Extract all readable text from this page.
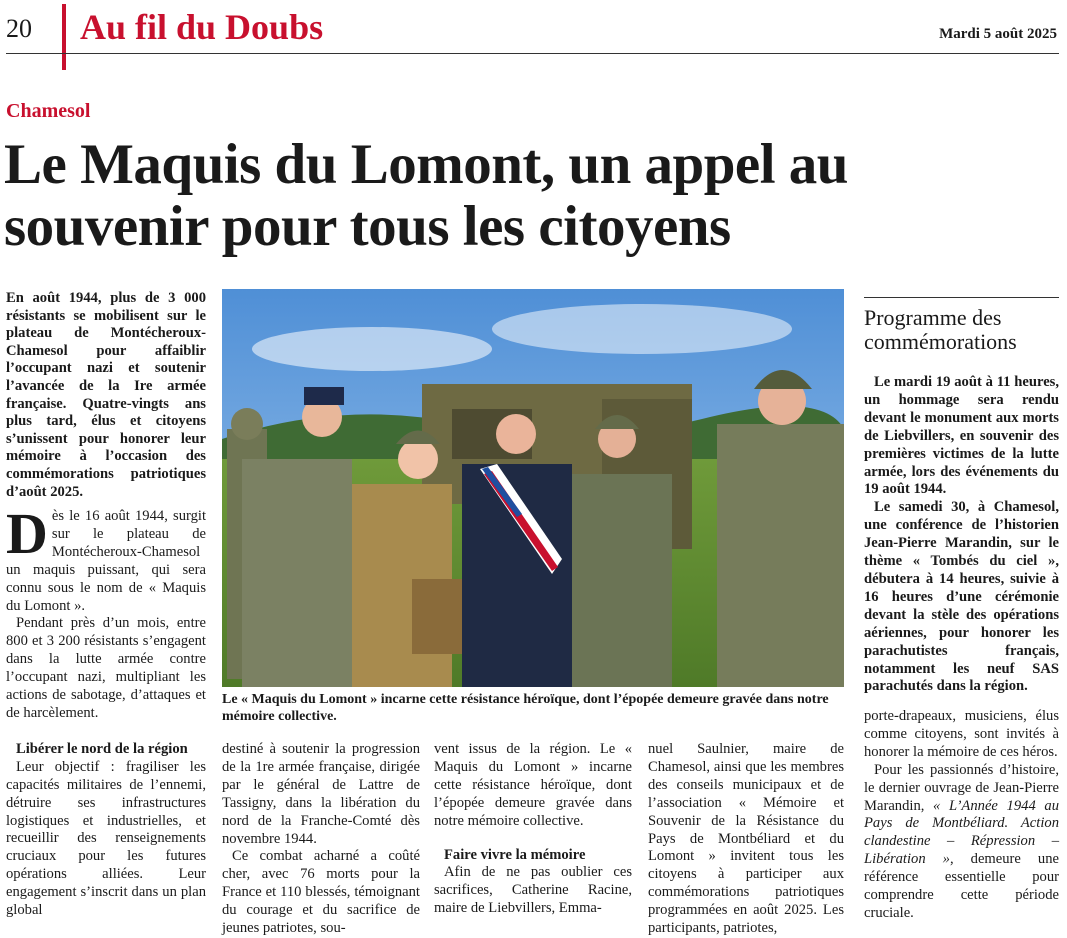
20 Au fil du Doubs	Mardi 5 août 2025
Chamesol
Le Maquis du Lomont, un appel au souvenir pour tous les citoyens
En août 1944, plus de 3 000 résistants se mobilisent sur le plateau de Montécheroux-Chamesol pour affaiblir l’occupant nazi et soutenir l’avancée de la Ire armée française. Quatre-vingts ans plus tard, élus et citoyens s’unissent pour honorer leur mémoire à l’occasion des commémorations patriotiques d’août 2025.
D ès le 16 août 1944, surgit sur le plateau de Montécheroux-Chamesol un maquis puissant, qui sera connu sous le nom de « Maquis du Lomont ».

Pendant près d’un mois, entre 800 et 3 200 résistants s’engagent dans la lutte armée contre l’occupant nazi, multipliant les actions de sabotage, d’attaques et de harcèlement.

Libérer le nord de la région

Leur objectif : fragiliser les capacités militaires de l’ennemi, détruire ses infrastructures logistiques et industrielles, et recueillir des renseignements cruciaux pour les futures opérations alliées. Leur engagement s’inscrit dans un plan global

Le « Maquis du Lomont » incarne cette résistance héroïque, dont l’épopée demeure gravée dans notre mémoire collective.
destiné à soutenir la progression de la 1re armée française, dirigée par le général de Lattre de Tassigny, dans la libération du nord de la Franche-Comté dès novembre 1944.

Ce combat acharné a coûté cher, avec 76 morts pour la France et 110 blessés, témoignant du courage et du sacrifice de jeunes patriotes, sou-

vent issus de la région. Le « Maquis du Lomont » incarne cette résistance héroïque, dont l’épopée demeure gravée dans notre mémoire collective.
Faire vivre la mémoire

Afin de ne pas oublier ces sacrifices, Catherine Racine, maire de Liebvillers, Emma-

nuel Saulnier, maire de Chamesol, ainsi que les membres des conseils municipaux et de l’association « Mémoire et Souvenir de la Résistance du Pays de Montbéliard et du Lomont » invitent tous les citoyens à participer aux commémorations patriotiques programmées en août 2025. Les participants, patriotes,
Programme des commémorations

Le mardi 19 août à 11 heures, un hommage sera rendu devant le monument aux morts de Liebvillers, en souvenir des premières victimes de la lutte armée, lors des événements du 19 août 1944.

Le samedi 30, à Chamesol, une conférence de l’historien Jean-Pierre Marandin, sur le thème « Tombés du ciel », débutera à 14 heures, suivie à 16 heures d’une cérémonie devant la stèle des opérations aériennes, pour honorer les parachutistes français, notamment les neuf SAS parachutés dans la région.

porte-drapeaux, musiciens, élus comme citoyens, sont invités à honorer la mémoire de ces héros.

Pour les passionnés d’histoire, le dernier ouvrage de Jean-Pierre Marandin, « L’Année 1944 au Pays de Montbéliard. Action clandestine – Répression – Libération », demeure une référence essentielle pour comprendre cette période cruciale.
